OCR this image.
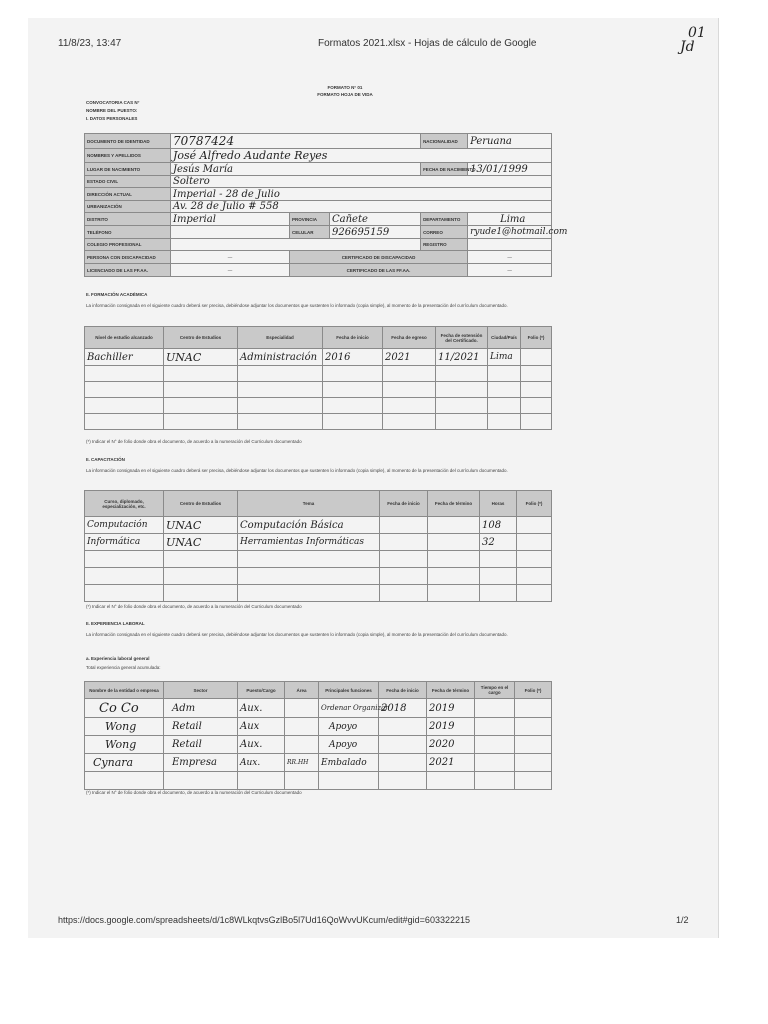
11/8/23, 13:47	Formatos 2021.xlsx - Hojas de cálculo de Google
01
Jd
FORMATO N° 01
FORMATO HOJA DE VIDA
CONVOCATORIA CAS N°
NOMBRE DEL PUESTO:
I. DATOS PERSONALES
DOCUMENTO DE IDENTIDAD	70787424			NACIONALIDAD	Peruana
NOMBRES Y APELLIDOS	José Alfredo Audante Reyes				
LUGAR DE NACIMIENTO	Jesús María			FECHA DE NACIMIENTO	13/01/1999
ESTADO CIVIL	Soltero				
DIRECCIÓN ACTUAL	Imperial - 28 de Julio				
URBANIZACIÓN	Av. 28 de Julio # 558				
DISTRITO	Imperial	PROVINCIA	Cañete	DEPARTAMENTO	Lima
TELÉFONO		CELULAR	926695159	CORREO	ryude1@hotmail.com
COLEGIO PROFESIONAL				REGISTRO	
PERSONA CON DISCAPACIDAD	—	CERTIFICADO DE DISCAPACIDAD			—
LICENCIADO DE LAS FF.AA.	—	CERTIFICADO DE LAS FF.AA.			—
II. FORMACIÓN ACADÉMICA
La información consignada en el siguiente cuadro deberá ser precisa, debiéndose adjuntar los documentos que sustenten lo informado (copia simple), al momento de la presentación del currículum documentado.
Nivel de estudio alcanzado	Centro de Estudios	Especialidad	Fecha de inicio	Fecha de egreso	Fecha de extensión del Certificado.	Ciudad/País	Folio (*)
Bachiller	UNAC	Administración	2016	2021	11/2021	Lima	

(*) Indicar el N° de folio donde obra el documento, de acuerdo a la numeración del Curriculum documentado
II. CAPACITACIÓN
La información consignada en el siguiente cuadro deberá ser precisa, debiéndose adjuntar los documentos que sustenten lo informado (copia simple), al momento de la presentación del currículum documentado.
Curso, diplomado, especialización, etc.	Centro de Estudios	Tema	Fecha de inicio	Fecha de término	Horas	Folio (*)
Computación	UNAC	Computación Básica			108	
Informática	UNAC	Herramientas Informáticas			32	

(*) Indicar el N° de folio donde obra el documento, de acuerdo a la numeración del Curriculum documentado
II. EXPERIENCIA LABORAL
La información consignada en el siguiente cuadro deberá ser precisa, debiéndose adjuntar los documentos que sustenten lo informado (copia simple), al momento de la presentación del currículum documentado.
a. Experiencia laboral general
Total experiencia general acumulada:
Nombre de la entidad o empresa	Sector	Puesto/Cargo	Área	Principales funciones	Fecha de inicio	Fecha de término	Tiempo en el cargo	Folio (*)
Co Co	Adm	Aux.		Ordenar Organizar	2018	2019		
Wong	Retail	Aux		Apoyo		2019		
Wong	Retail	Aux.		Apoyo		2020		
Cynara	Empresa	Aux.	RR.HH	Embalado		2021		

(*) Indicar el N° de folio donde obra el documento, de acuerdo a la numeración del Curriculum documentado
https://docs.google.com/spreadsheets/d/1c8WLkqtvsGzlBo5l7Ud16QoWvvUKcum/edit#gid=603322215	1/2
